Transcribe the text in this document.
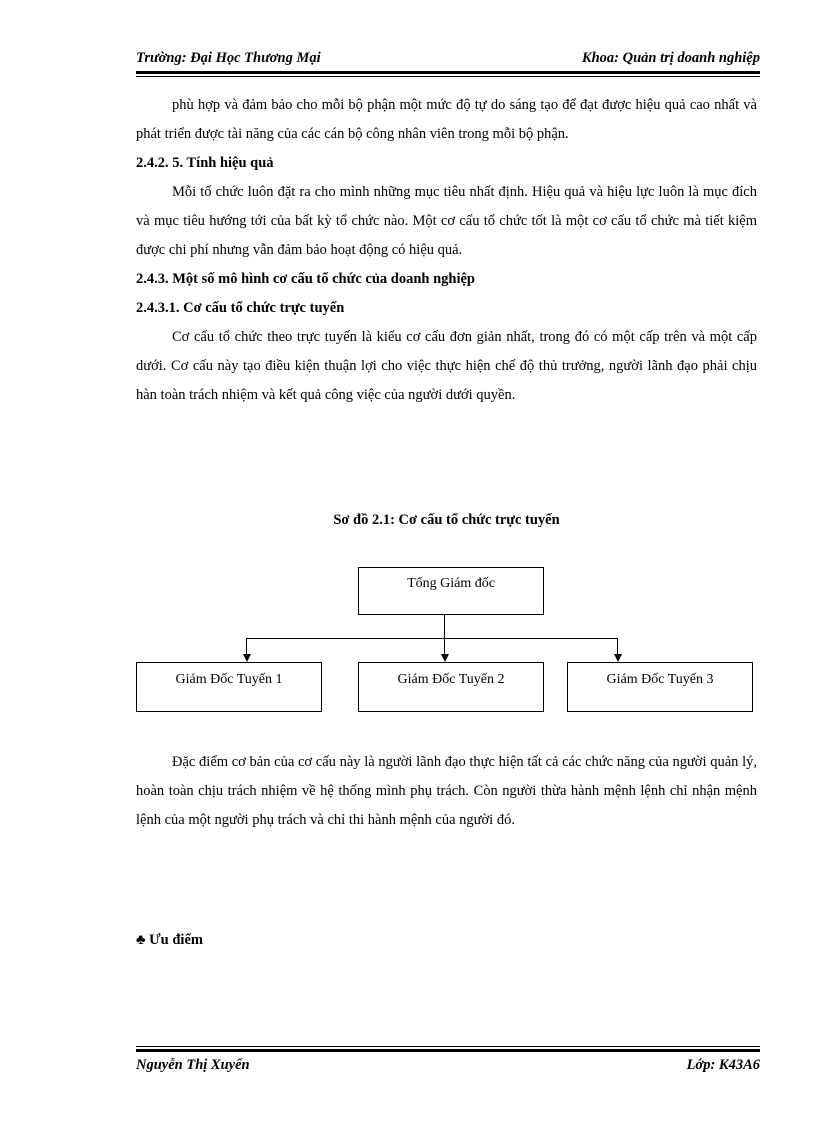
Trường: Đại Học Thương Mại	Khoa: Quản trị doanh nghiệp

phù hợp và đảm bảo cho mỗi bộ phận một mức độ tự do sáng tạo để đạt được hiệu quả cao nhất và phát triển được tài năng của các cán bộ công nhân viên trong mỗi bộ phận.

2.4.2. 5. Tính hiệu quả

Mỗi tổ chức luôn đặt ra cho mình những mục tiêu nhất định. Hiệu quả và hiệu lực luôn là mục đích và mục tiêu hướng tới của bất kỳ tổ chức nào. Một cơ cấu tổ chức tốt là một cơ cấu tổ chức mà tiết kiệm được chi phí nhưng vẫn đảm bảo hoạt động có hiệu quả.

2.4.3. Một số mô hình cơ cấu tổ chức của doanh nghiệp

2.4.3.1. Cơ cấu tổ chức trực tuyến

Cơ cấu tổ chức theo trực tuyến là kiểu cơ cấu đơn giản nhất, trong đó có một cấp trên và một cấp dưới. Cơ cấu này tạo điều kiện thuận lợi cho việc thực hiện chế độ thủ trưởng, người lãnh đạo phải chịu hàn toàn trách nhiệm và kết quả công việc của người dưới quyền.

Sơ đồ 2.1: Cơ cấu tổ chức trực tuyến
Tổng Giám đốc
Giám Đốc Tuyến 1	Giám Đốc Tuyến 2	Giám Đốc Tuyến 3

Đặc điểm cơ bản của cơ cấu này là người lãnh đạo thực hiện tất cả các chức năng của người quản lý, hoàn toàn chịu trách nhiệm về hệ thống mình phụ trách. Còn người thừa hành mệnh lệnh chỉ nhận mệnh lệnh của một người phụ trách và chỉ thi hành mệnh của người đó.

♣ Ưu điểm
Nguyễn Thị Xuyến	Lớp: K43A6
